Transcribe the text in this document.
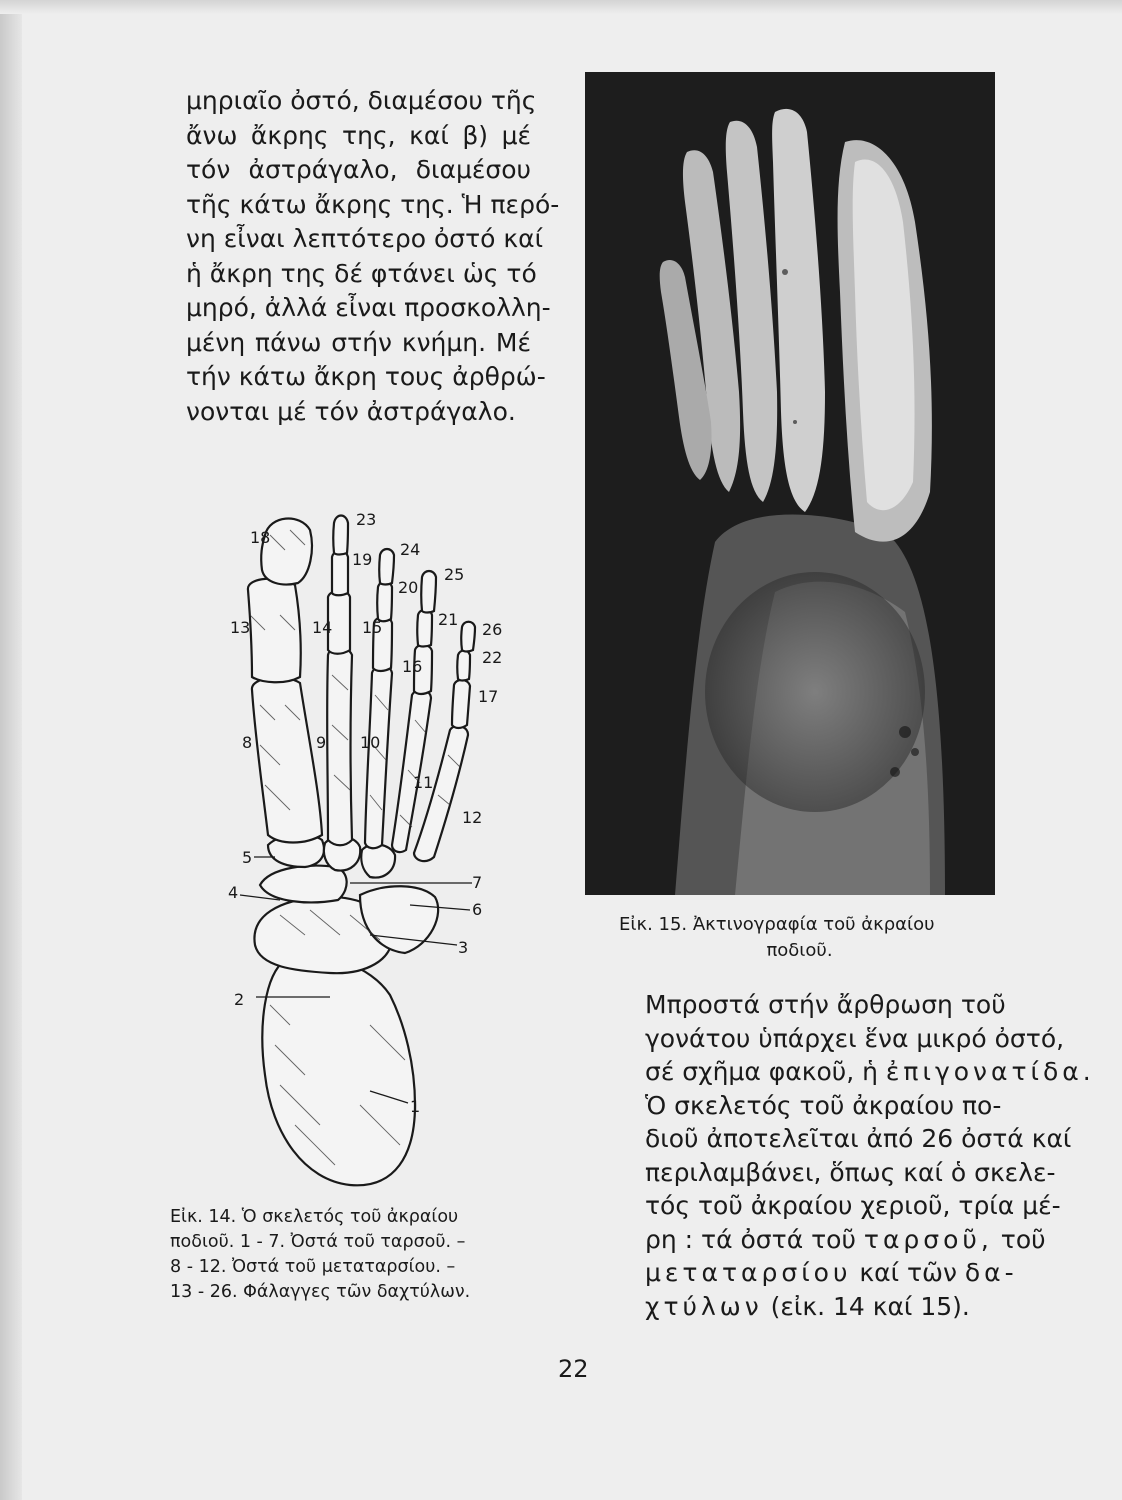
μηριαῖο ὀστό, διαμέσου τῆς
ἄνω ἄκρης της, καί β) μέ
τόν ἀστράγαλο, διαμέσου
τῆς κάτω ἄκρης της. Ἡ περό-
νη εἶναι λεπτότερο ὀστό καί
ἡ ἄκρη της δέ φτάνει ὡς τό
μηρό, ἀλλά εἶναι προσκολλη-
μένη πάνω στήν κνήμη. Μέ
τήν κάτω ἄκρη τους ἀρθρώ-
νονται μέ τόν ἀστράγαλο.
1
2
3
4
5
6
7
8	9 10
11
12
13	14 15
16
17
18
19
20
21
22
23
24
25
26
Εἰκ. 14. Ὁ σκελετός τοῦ ἀκραίου
ποδιοῦ. 1 - 7. Ὀστά τοῦ ταρσοῦ. –
8 - 12. Ὀστά τοῦ μεταταρσίου. –
13 - 26. Φάλαγγες τῶν δαχτύλων.
Εἰκ. 15. Ἀκτινογραφία τοῦ ἀκραίου
ποδιοῦ.
Μπροστά στήν ἄρθρωση τοῦ
γονάτου ὑπάρχει ἕνα μικρό ὀστό,
σέ σχῆμα φακοῦ, ἡ ἐπιγονατίδα.
Ὁ σκελετός τοῦ ἀκραίου πο-
διοῦ ἀποτελεῖται ἀπό 26 ὀστά καί
περιλαμβάνει, ὅπως καί ὁ σκελε-
τός τοῦ ἀκραίου χεριοῦ, τρία μέ-
ρη : τά ὀστά τοῦ ταρσοῦ, τοῦ
μεταταρσίου καί τῶν δα-
χτύλων (εἰκ. 14 καί 15).
22
